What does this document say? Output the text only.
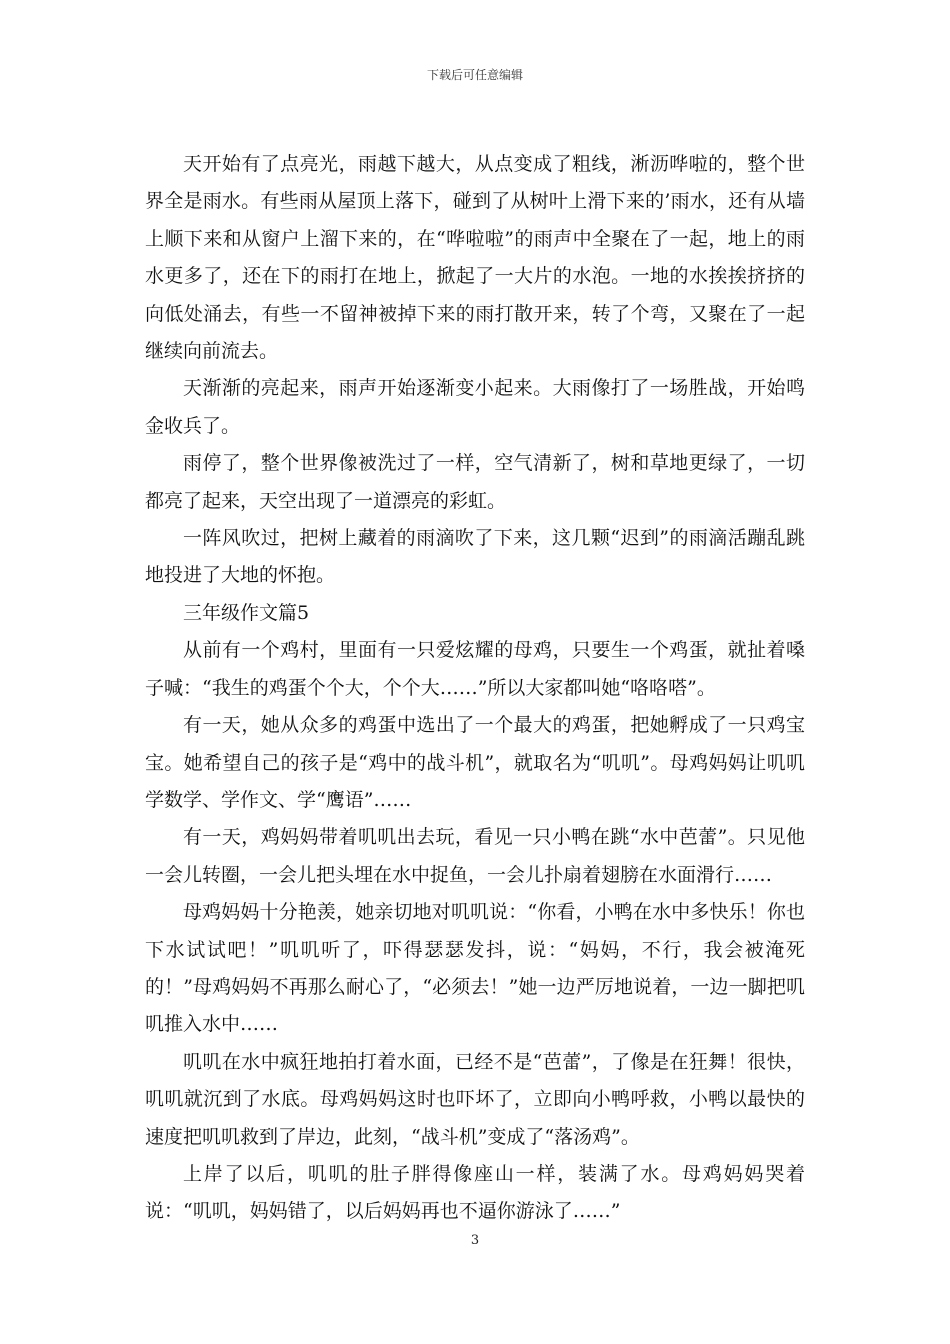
下载后可任意编辑

天开始有了点亮光，雨越下越大，从点变成了粗线，淅沥哗啦的，整个世界全是雨水。有些雨从屋顶上落下，碰到了从树叶上滑下来的’雨水，还有从墙上顺下来和从窗户上溜下来的，在“哗啦啦”的雨声中全聚在了一起，地上的雨水更多了，还在下的雨打在地上，掀起了一大片的水泡。一地的水挨挨挤挤的向低处涌去，有些一不留神被掉下来的雨打散开来，转了个弯，又聚在了一起继续向前流去。

天渐渐的亮起来，雨声开始逐渐变小起来。大雨像打了一场胜战，开始鸣金收兵了。

雨停了，整个世界像被洗过了一样，空气清新了，树和草地更绿了，一切都亮了起来，天空出现了一道漂亮的彩虹。

一阵风吹过，把树上藏着的雨滴吹了下来，这几颗“迟到”的雨滴活蹦乱跳地投进了大地的怀抱。

三年级作文篇5

从前有一个鸡村，里面有一只爱炫耀的母鸡，只要生一个鸡蛋，就扯着嗓子喊：“我生的鸡蛋个个大，个个大……”所以大家都叫她“咯咯嗒”。

有一天，她从众多的鸡蛋中选出了一个最大的鸡蛋，把她孵成了一只鸡宝宝。她希望自己的孩子是“鸡中的战斗机”，就取名为“叽叽”。母鸡妈妈让叽叽学数学、学作文、学“鹰语”……

有一天，鸡妈妈带着叽叽出去玩，看见一只小鸭在跳“水中芭蕾”。只见他一会儿转圈，一会儿把头埋在水中捉鱼，一会儿扑扇着翅膀在水面滑行……

母鸡妈妈十分艳羡，她亲切地对叽叽说：“你看，小鸭在水中多快乐！你也下水试试吧！”叽叽听了，吓得瑟瑟发抖，说：“妈妈，不行，我会被淹死的！”母鸡妈妈不再那么耐心了，“必须去！”她一边严厉地说着，一边一脚把叽叽推入水中……

叽叽在水中疯狂地拍打着水面，已经不是“芭蕾”，了像是在狂舞！很快，叽叽就沉到了水底。母鸡妈妈这时也吓坏了，立即向小鸭呼救，小鸭以最快的速度把叽叽救到了岸边，此刻，“战斗机”变成了“落汤鸡”。

上岸了以后，叽叽的肚子胖得像座山一样，装满了水。母鸡妈妈哭着说：“叽叽，妈妈错了，以后妈妈再也不逼你游泳了……”

3
